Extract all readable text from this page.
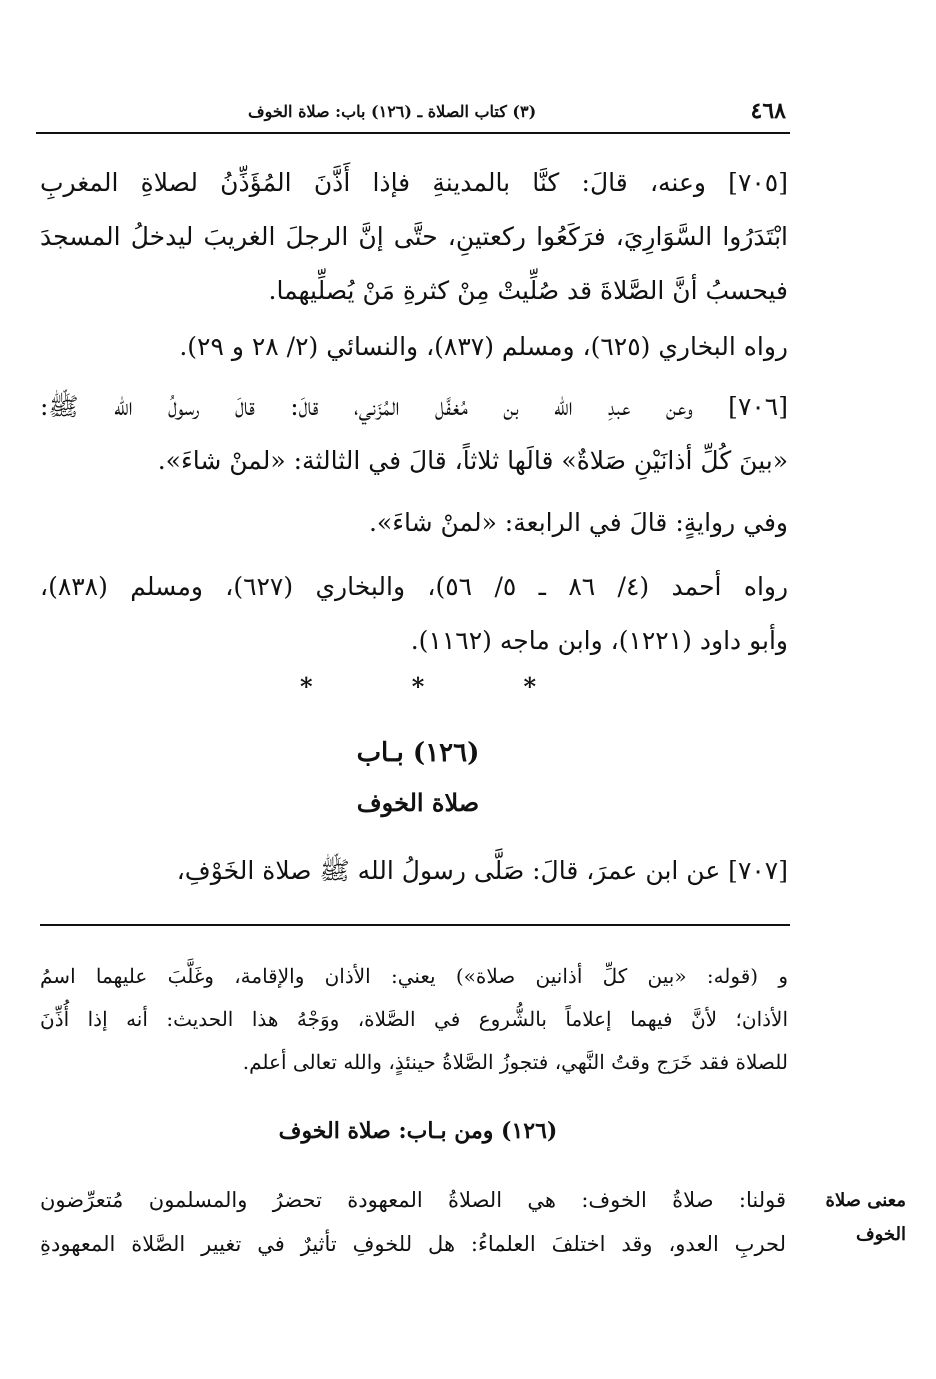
٤٦٨
(٣) كتاب الصلاة ـ (١٢٦) باب: صلاة الخوف
[٧٠٥] وعنه، قالَ: كنَّا بالمدينةِ فإذا أَذَّنَ المُؤَذِّنُ لصلاةِ المغربِ
ابْتَدَرُوا السَّوَارِيَ، فرَكَعُوا ركعتينِ، حتَّى إنَّ الرجلَ الغريبَ ليدخلُ المسجدَ
فيحسبُ أنَّ الصَّلاةَ قد صُلِّيتْ مِنْ كثرةِ مَنْ يُصلِّيهما.
رواه البخاري (٦٢٥)، ومسلم (٨٣٧)، والنسائي (٢/ ٢٨ و ٢٩).
[٧٠٦] وعن عبدِ الله بن مُغفَّل المُزَني، قالَ: قالَ رسولُ الله ﷺ:
«بينَ كُلِّ أذانَيْنِ صَلاةٌ» قالَها ثلاثاً، قالَ في الثالثة: «لمنْ شاءَ».
وفي روايةٍ: قالَ في الرابعة: «لمنْ شاءَ».
رواه أحمد (٤/ ٨٦ ـ ٥/ ٥٦)، والبخاري (٦٢٧)، ومسلم (٨٣٨)،
وأبو داود (١٢٢١)، وابن ماجه (١١٦٢).
*
*
*
(١٢٦) بـاب
صلاة الخوف
[٧٠٧] عن ابن عمرَ، قالَ: صَلَّى رسولُ الله ﷺ صلاة الخَوْفِ،
و (قوله: «بين كلِّ أذانين صلاة») يعني: الأذان والإقامة، وغَلَّبَ عليهما اسمُ
الأذان؛ لأنَّ فيهما إعلاماً بالشُّروع في الصَّلاة، ووَجْهُ هذا الحديث: أنه إذا أُذِّنَ
للصلاة فقد خَرَج وقتُ النَّهي، فتجوزُ الصَّلاةُ حينئذٍ، والله تعالى أعلم.
(١٢٦) ومن بـاب: صلاة الخوف
معنى صلاة
الخوف
قولنا: صلاةُ الخوف: هي الصلاةُ المعهودة تحضرُ والمسلمون مُتعرِّضون
لحربِ العدو، وقد اختلفَ العلماءُ: هل للخوفِ تأثيرٌ في تغيير الصَّلاة المعهودةِ
